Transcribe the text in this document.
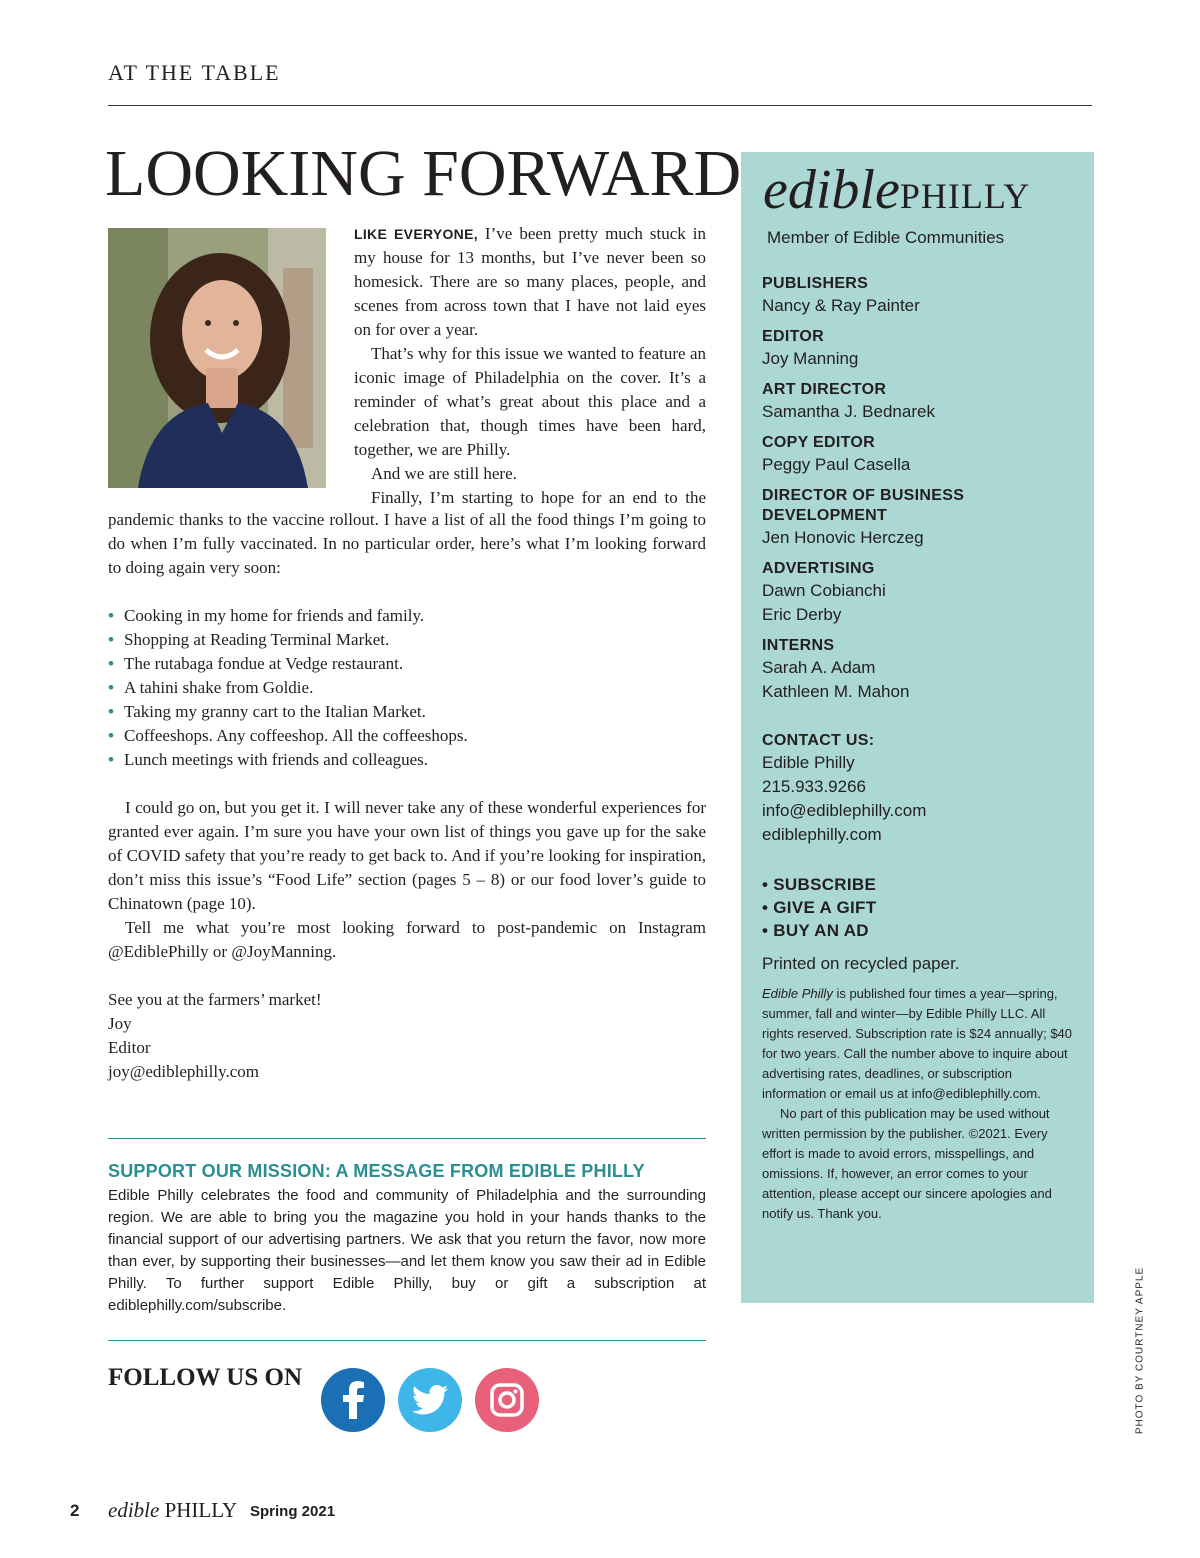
AT THE TABLE
LOOKING FORWARD

LIKE EVERYONE, I’ve been pretty much stuck in my house for 13 months, but I’ve never been so homesick. There are so many places, people, and scenes from across town that I have not laid eyes on for over a year.

That’s why for this issue we wanted to feature an iconic image of Philadelphia on the cover. It’s a reminder of what’s great about this place and a celebration that, though times have been hard, together, we are Philly.

And we are still here.

Finally, I’m starting to hope for an end to the

pandemic thanks to the vaccine rollout. I have a list of all the food things I’m going to do when I’m fully vaccinated. In no particular order, here’s what I’m looking forward to doing again very soon:

• Cooking in my home for friends and family.
• Shopping at Reading Terminal Market.
• The rutabaga fondue at Vedge restaurant.
• A tahini shake from Goldie.
• Taking my granny cart to the Italian Market.
• Coffeeshops. Any coffeeshop. All the coffeeshops.
• Lunch meetings with friends and colleagues.

I could go on, but you get it. I will never take any of these wonderful experiences for granted ever again. I’m sure you have your own list of things you gave up for the sake of COVID safety that you’re ready to get back to. And if you’re looking for inspiration, don’t miss this issue’s “Food Life” section (pages 5 – 8) or our food lover’s guide to Chinatown (page 10).

Tell me what you’re most looking forward to post-pandemic on Instagram @EdiblePhilly or @JoyManning.

See you at the farmers’ market!
Joy
Editor
joy@ediblephilly.com
SUPPORT OUR MISSION: A MESSAGE FROM EDIBLE PHILLY

Edible Philly celebrates the food and community of Philadelphia and the surrounding region. We are able to bring you the magazine you hold in your hands thanks to the financial support of our advertising partners. We ask that you return the favor, now more than ever, by supporting their businesses—and let them know you saw their ad in Edible Philly. To further support Edible Philly, buy or gift a subscription at ediblephilly.com/subscribe.

FOLLOW US ON
ediblePHILLY
Member of Edible Communities
PUBLISHERS
Nancy & Ray Painter
EDITOR
Joy Manning
ART DIRECTOR
Samantha J. Bednarek
COPY EDITOR
Peggy Paul Casella
DIRECTOR OF BUSINESS
DEVELOPMENT
Jen Honovic Herczeg
ADVERTISING
Dawn Cobianchi
Eric Derby
INTERNS
Sarah A. Adam
Kathleen M. Mahon
CONTACT US:
Edible Philly
215.933.9266
info@ediblephilly.com
ediblephilly.com
• SUBSCRIBE
• GIVE A GIFT
• BUY AN AD
Printed on recycled paper.
Edible Philly is published four times a year—spring, summer, fall and winter—by Edible Philly LLC. All rights reserved. Subscription rate is $24 annually; $40 for two years. Call the number above to inquire about advertising rates, deadlines, or subscription information or email us at info@ediblephilly.com.
No part of this publication may be used without written permission by the publisher. ©2021. Every effort is made to avoid errors, misspellings, and omissions. If, however, an error comes to your attention, please accept our sincere apologies and notify us. Thank you.
PHOTO BY COURTNEY APPLE
2 edible PHILLY Spring 2021
